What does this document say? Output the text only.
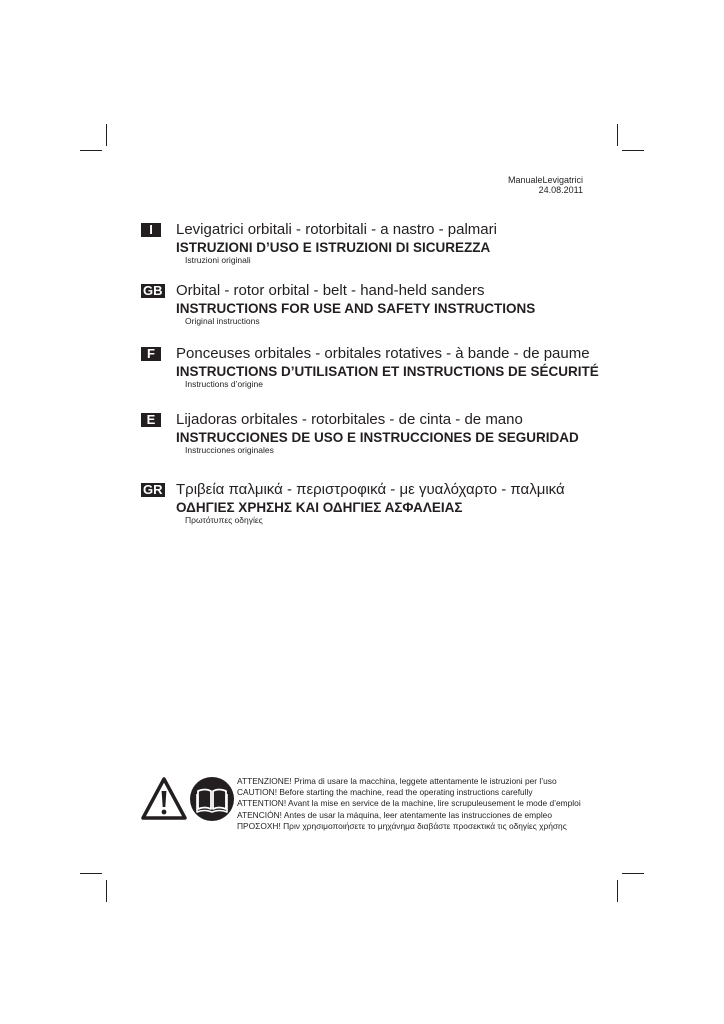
ManualeLevigatrici
24.08.2011
I	Levigatrici orbitali - rotorbitali - a nastro - palmari
ISTRUZIONI D’USO E ISTRUZIONI DI SICUREZZA
Istruzioni originali
GB Orbital - rotor orbital - belt - hand-held sanders
INSTRUCTIONS FOR USE AND SAFETY INSTRUCTIONS
Original instructions
F	Ponceuses orbitales - orbitales rotatives - à bande - de paume
INSTRUCTIONS D’UTILISATION ET INSTRUCTIONS DE SÉCURITÉ
Instructions d’origine
E	Lijadoras orbitales - rotorbitales - de cinta - de mano
INSTRUCCIONES DE USO E INSTRUCCIONES DE SEGURIDAD
Instrucciones originales
GR Τριβεία παλμικά - περιστροφικά - με γυαλόχαρτο - παλμικά
ΟΔΗΓΙΕΣ ΧΡΗΣΗΣ ΚΑΙ ΟΔΗΓΙΕΣ ΑΣΦΑΛΕΙΑΣ
Πρωτότυπες οδηγίες
ATTENZIONE! Prima di usare la macchina, leggete attentamente le istruzioni per l’uso
CAUTION! Before starting the machine, read the operating instructions carefully
ATTENTION! Avant la mise en service de la machine, lire scrupuleusement le mode d’emploi
ATENCIÓN! Antes de usar la máquina, leer atentamente las instrucciones de empleo
ΠΡΟΣΟΧΗ! Πριν χρησιμοποιήσετε το μηχάνημα διαβάστε προσεκτικά τις οδηγίες χρήσης
